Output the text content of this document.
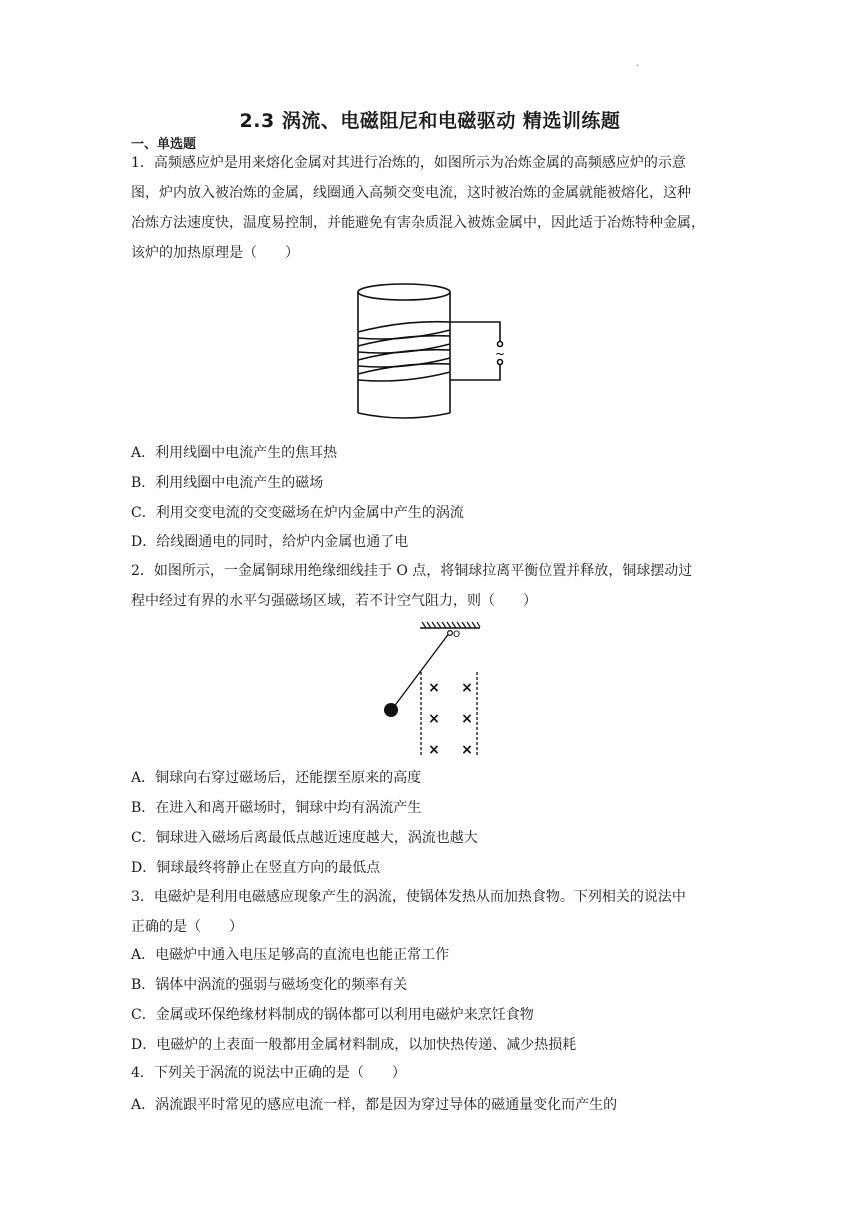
.
2.3 涡流、电磁阻尼和电磁驱动 精选训练题
一、单选题
1．高频感应炉是用来熔化金属对其进行冶炼的，如图所示为冶炼金属的高频感应炉的示意
图，炉内放入被冶炼的金属，线圈通入高频交变电流，这时被冶炼的金属就能被熔化，这种
冶炼方法速度快，温度易控制，并能避免有害杂质混入被炼金属中，因此适于冶炼特种金属，
该炉的加热原理是（　　）
~
A．利用线圈中电流产生的焦耳热
B．利用线圈中电流产生的磁场
C．利用交变电流的交变磁场在炉内金属中产生的涡流
D．给线圈通电的同时，给炉内金属也通了电
2．如图所示，一金属铜球用绝缘细线挂于 O 点，将铜球拉离平衡位置并释放，铜球摆动过
程中经过有界的水平匀强磁场区域，若不计空气阻力，则（　　）
O
× ×
× ×
× ×
A．铜球向右穿过磁场后，还能摆至原来的高度
B．在进入和离开磁场时，铜球中均有涡流产生
C．铜球进入磁场后离最低点越近速度越大，涡流也越大
D．铜球最终将静止在竖直方向的最低点
3．电磁炉是利用电磁感应现象产生的涡流，使锅体发热从而加热食物。下列相关的说法中
正确的是（　　）
A．电磁炉中通入电压足够高的直流电也能正常工作
B．锅体中涡流的强弱与磁场变化的频率有关
C．金属或环保绝缘材料制成的锅体都可以利用电磁炉来烹饪食物
D．电磁炉的上表面一般都用金属材料制成，以加快热传递、减少热损耗
4．下列关于涡流的说法中正确的是（　　）
A．涡流跟平时常见的感应电流一样，都是因为穿过导体的磁通量变化而产生的
